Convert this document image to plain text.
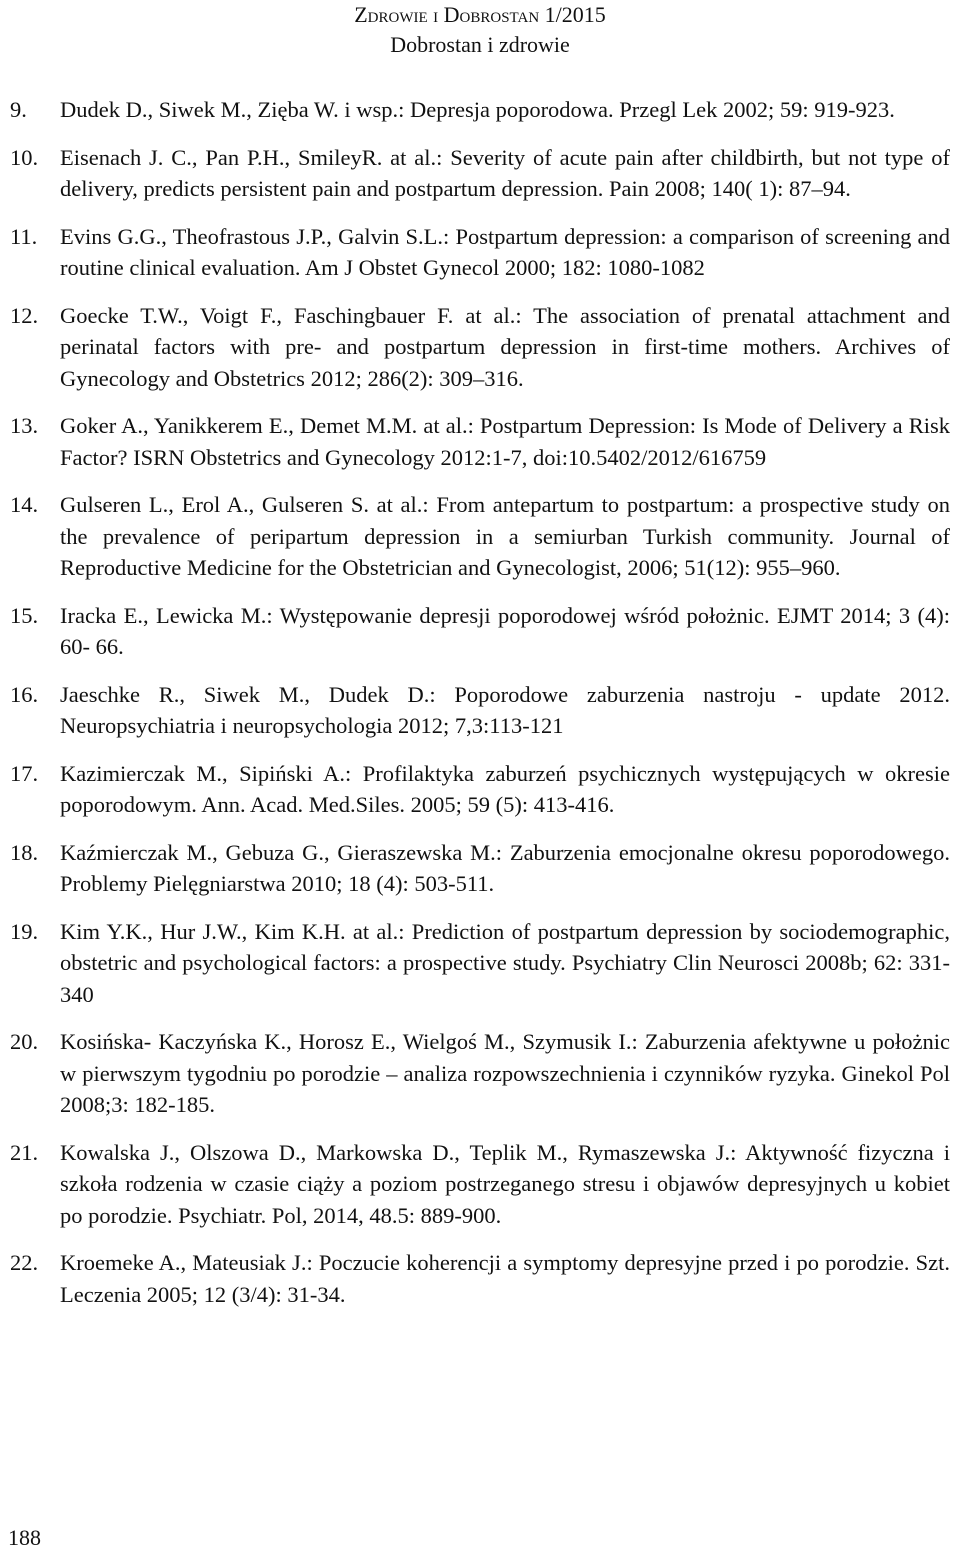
Zdrowie i Dobrostan 1/2015
Dobrostan i zdrowie
9.	Dudek D., Siwek M., Zięba W. i wsp.: Depresja poporodowa. Przegl Lek 2002; 59: 919-923.
10. Eisenach J. C., Pan P.H., SmileyR. at al.: Severity of acute pain after childbirth, but not type of delivery, predicts persistent pain and postpartum depression. Pain 2008; 140( 1): 87–94.
11.	Evins G.G., Theofrastous J.P., Galvin S.L.: Postpartum depression: a comparison of screening and routine clinical evaluation. Am J Obstet Gynecol 2000; 182: 1080-1082
12. Goecke T.W., Voigt F., Faschingbauer F. at al.: The association of prenatal attachment and perinatal factors with pre- and postpartum depression in first-time mothers. Archives of Gynecology and Obstetrics 2012; 286(2): 309–316.
13. Goker A., Yanikkerem E., Demet M.M. at al.: Postpartum Depression: Is Mode of Delivery a Risk Factor? ISRN Obstetrics and Gynecology 2012:1-7, doi:10.5402/2012/616759
14. Gulseren L., Erol A., Gulseren S. at al.: From antepartum to postpartum: a prospective study on the prevalence of peripartum depression in a semiurban Turkish community. Journal of Reproductive Medicine for the Obstetrician and Gynecologist, 2006; 51(12): 955–960.
15. Iracka E., Lewicka M.: Występowanie depresji poporodowej wśród położnic. EJMT 2014; 3 (4): 60- 66.
16. Jaeschke R., Siwek M., Dudek D.: Poporodowe zaburzenia nastroju - update 2012. Neuropsychiatria i neuropsychologia 2012; 7,3:113-121
17. Kazimierczak M., Sipiński A.: Profilaktyka zaburzeń psychicznych występujących w okresie poporodowym. Ann. Acad. Med.Siles. 2005; 59 (5): 413-416.
18. Kaźmierczak M., Gebuza G., Gieraszewska M.: Zaburzenia emocjonalne okresu poporodowego. Problemy Pielęgniarstwa 2010; 18 (4): 503-511.
19. Kim Y.K., Hur J.W., Kim K.H. at al.: Prediction of postpartum depression by sociodemographic, obstetric and psychological factors: a prospective study. Psychiatry Clin Neurosci 2008b; 62: 331-340
20. Kosińska- Kaczyńska K., Horosz E., Wielgoś M., Szymusik I.: Zaburzenia afektywne u położnic w pierwszym tygodniu po porodzie – analiza rozpowszechnienia i czynników ryzyka. Ginekol Pol 2008;3: 182-185.
21. Kowalska J., Olszowa D., Markowska D., Teplik M., Rymaszewska J.: Aktywność fizyczna i szkoła rodzenia w czasie ciąży a poziom postrzeganego stresu i objawów depresyjnych u kobiet po porodzie. Psychiatr. Pol, 2014, 48.5: 889-900.
22. Kroemeke A., Mateusiak J.: Poczucie koherencji a symptomy depresyjne przed i po porodzie. Szt. Leczenia 2005; 12 (3/4): 31-34.
188
